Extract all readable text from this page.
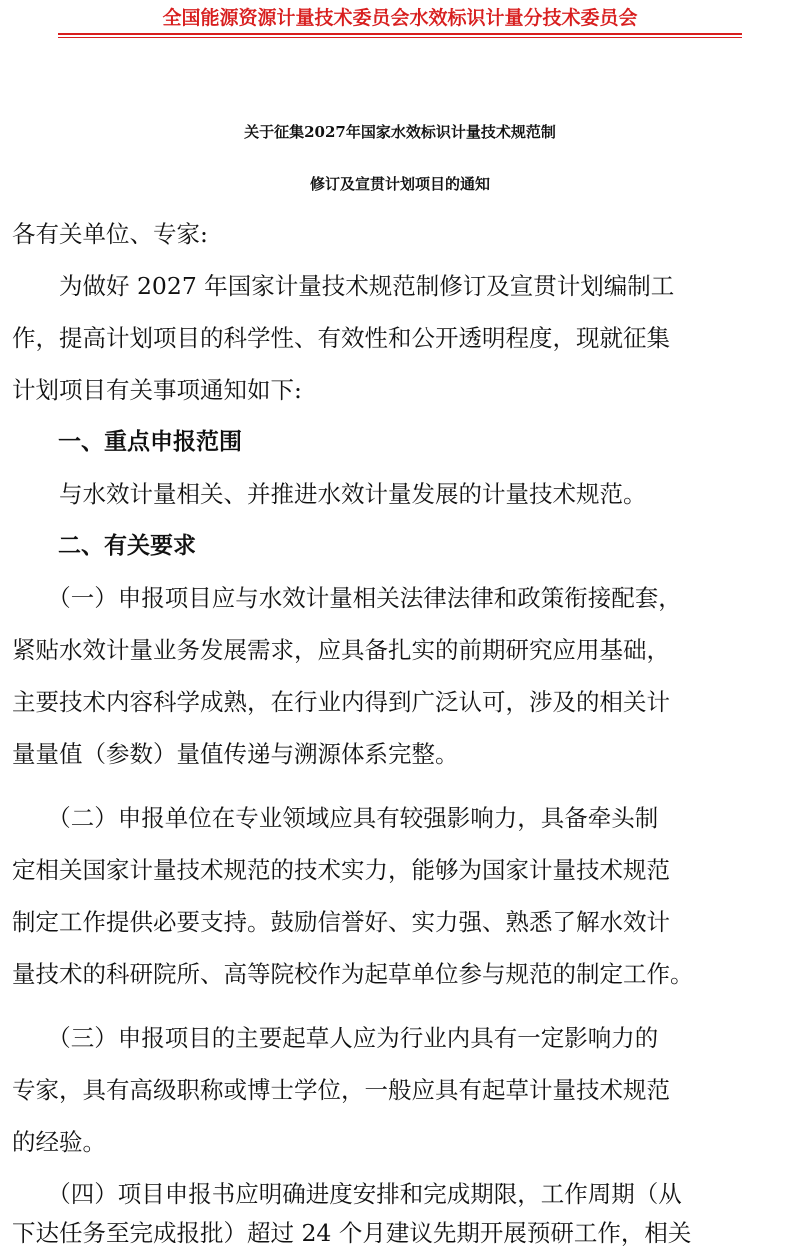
全国能源资源计量技术委员会水效标识计量分技术委员会
关于征集2027年国家水效标识计量技术规范制
修订及宣贯计划项目的通知
各有关单位、专家:
　　为做好 2027 年国家计量技术规范制修订及宣贯计划编制工
作，提高计划项目的科学性、有效性和公开透明程度，现就征集
计划项目有关事项通知如下:
　　一、重点申报范围
　　与水效计量相关、并推进水效计量发展的计量技术规范。
　　二、有关要求
　　（一）申报项目应与水效计量相关法律法律和政策衔接配套，
紧贴水效计量业务发展需求，应具备扎实的前期研究应用基础，
主要技术内容科学成熟，在行业内得到广泛认可，涉及的相关计
量量值（参数）量值传递与溯源体系完整。
　　（二）申报单位在专业领域应具有较强影响力，具备牵头制
定相关国家计量技术规范的技术实力，能够为国家计量技术规范
制定工作提供必要支持。鼓励信誉好、实力强、熟悉了解水效计
量技术的科研院所、高等院校作为起草单位参与规范的制定工作。
　　（三）申报项目的主要起草人应为行业内具有一定影响力的
专家，具有高级职称或博士学位，一般应具有起草计量技术规范
的经验。
　　（四）项目申报书应明确进度安排和完成期限，工作周期（从
下达任务至完成报批）超过 24 个月建议先期开展预研工作，相关
